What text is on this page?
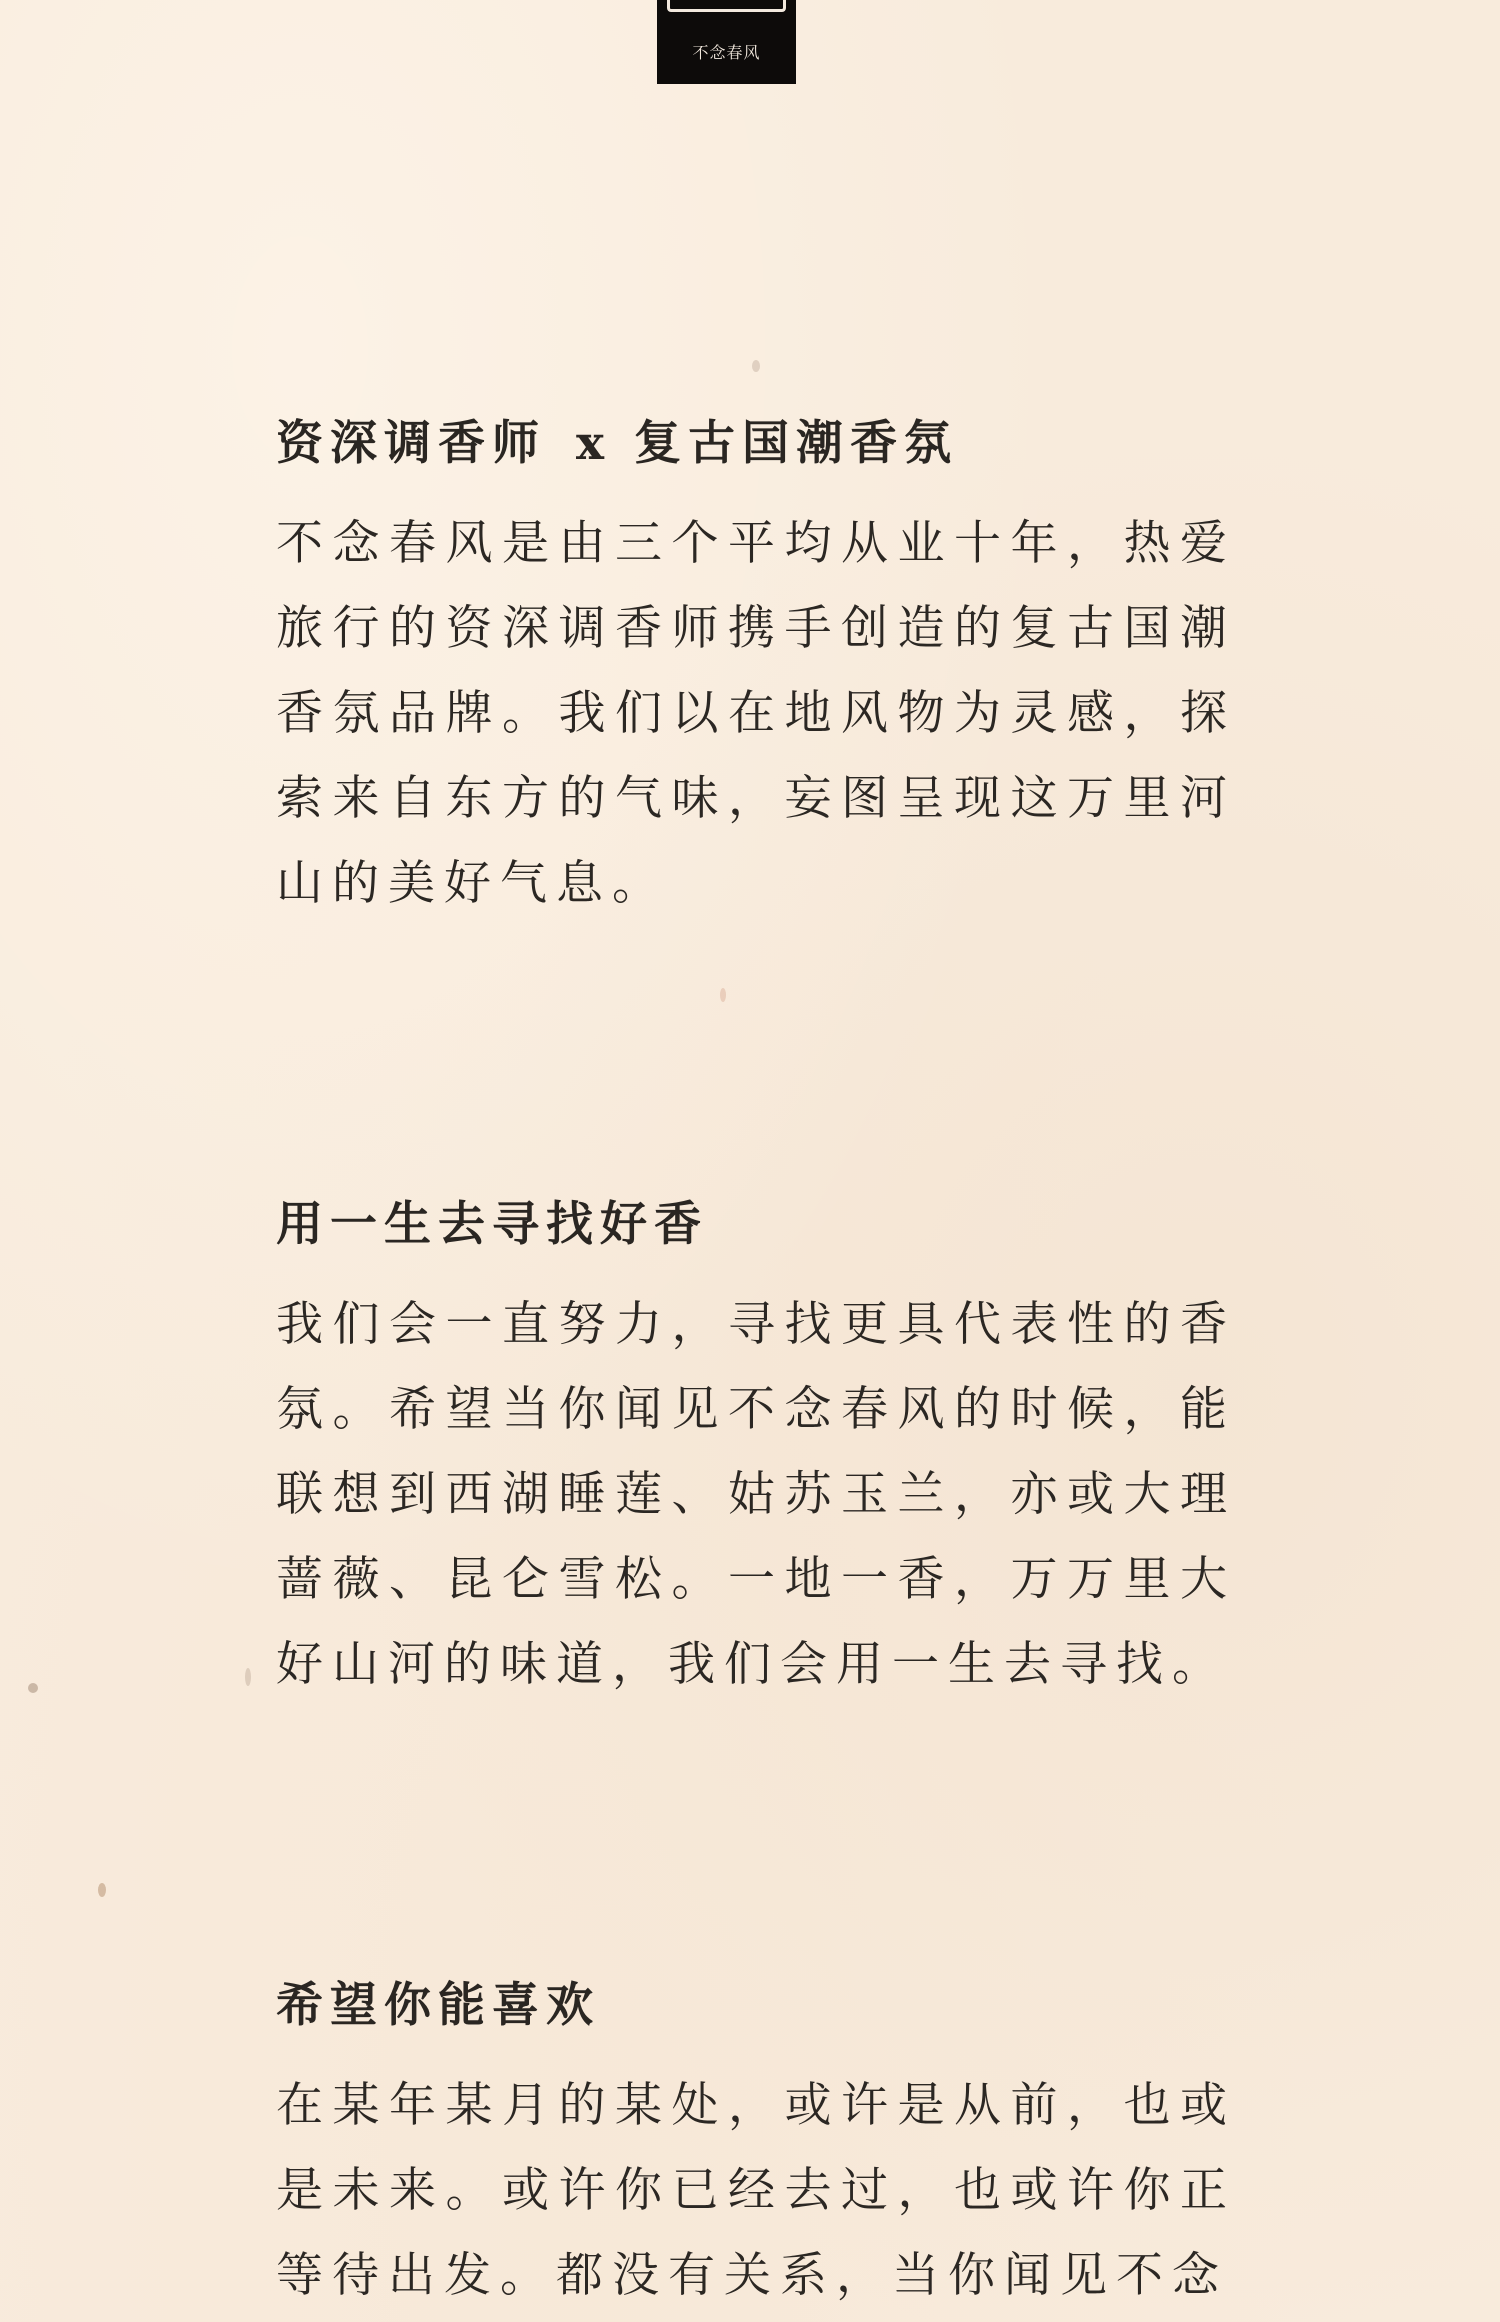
不念春风
资深调香师 x 复古国潮香氛

不念春风是由三个平均从业十年，热爱旅行的资深调香师携手创造的复古国潮香氛品牌。我们以在地风物为灵感，探索来自东方的气味，妄图呈现这万里河山的美好气息。

用一生去寻找好香

我们会一直努力，寻找更具代表性的香氛。希望当你闻见不念春风的时候，能联想到西湖睡莲、姑苏玉兰，亦或大理蔷薇、昆仑雪松。一地一香，万万里大好山河的味道，我们会用一生去寻找。

希望你能喜欢

在某年某月的某处，或许是从前，也或是未来。或许你已经去过，也或许你正等待出发。都没有关系，当你闻见不念
